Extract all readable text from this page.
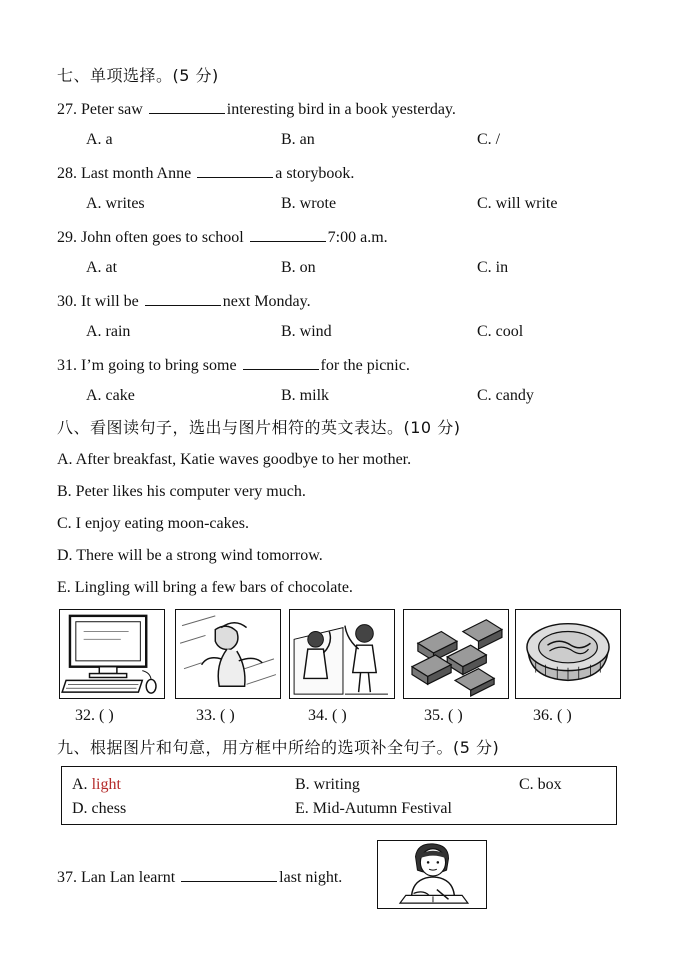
七、单项选择。(5 分)
27. Peter saw	interesting bird in a book yesterday.
A. a	B. an	C. /
28. Last month Anne	a storybook.
A. writes	B. wrote	C. will write
29. John often goes to school	7:00 a.m.
A. at	B. on	C. in
30. It will be	next Monday.
A. rain	B. wind	C. cool
31. I’m going to bring some	for the picnic.
A. cake	B. milk	C. candy
八、看图读句子，选出与图片相符的英文表达。(10 分)
A. After breakfast, Katie waves goodbye to her mother.
B. Peter likes his computer very much.
C. I enjoy eating moon-cakes.
D. There will be a strong wind tomorrow.
E. Lingling will bring a few bars of chocolate.
32. ( )	33. ( )	34. ( )	35. ( )	36. ( )
九、根据图片和句意，用方框中所给的选项补全句子。(5 分)
A. light	B. writing	C. box
D. chess	E. Mid-Autumn Festival
37. Lan Lan learnt	last night.
